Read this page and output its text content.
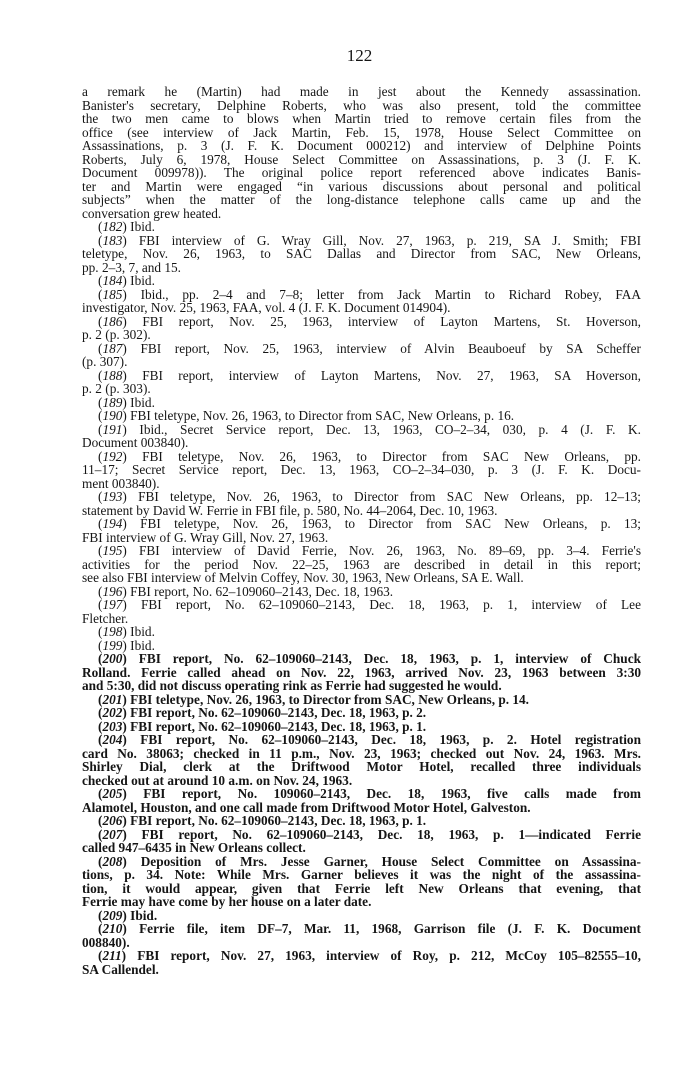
122
a remark he (Martin) had made in jest about the Kennedy assassination.
Banister's secretary, Delphine Roberts, who was also present, told the committee
the two men came to blows when Martin tried to remove certain files from the
office (see interview of Jack Martin, Feb. 15, 1978, House Select Committee on
Assassinations, p. 3 (J. F. K. Document 000212) and interview of Delphine Points
Roberts, July 6, 1978, House Select Committee on Assassinations, p. 3 (J. F. K.
Document 009978)). The original police report referenced above indicates Banis-
ter and Martin were engaged “in various discussions about personal and political
subjects” when the matter of the long-distance telephone calls came up and the
conversation grew heated.
(182) Ibid.
(183) FBI interview of G. Wray Gill, Nov. 27, 1963, p. 219, SA J. Smith; FBI
teletype, Nov. 26, 1963, to SAC Dallas and Director from SAC, New Orleans,
pp. 2–3, 7, and 15.
(184) Ibid.
(185) Ibid., pp. 2–4 and 7–8; letter from Jack Martin to Richard Robey, FAA
investigator, Nov. 25, 1963, FAA, vol. 4 (J. F. K. Document 014904).
(186) FBI report, Nov. 25, 1963, interview of Layton Martens, St. Hoverson,
p. 2 (p. 302).
(187) FBI report, Nov. 25, 1963, interview of Alvin Beauboeuf by SA Scheffer
(p. 307).
(188) FBI report, interview of Layton Martens, Nov. 27, 1963, SA Hoverson,
p. 2 (p. 303).
(189) Ibid.
(190) FBI teletype, Nov. 26, 1963, to Director from SAC, New Orleans, p. 16.
(191) Ibid., Secret Service report, Dec. 13, 1963, CO–2–34, 030, p. 4 (J. F. K.
Document 003840).
(192) FBI teletype, Nov. 26, 1963, to Director from SAC New Orleans, pp.
11–17; Secret Service report, Dec. 13, 1963, CO–2–34–030, p. 3 (J. F. K. Docu-
ment 003840).
(193) FBI teletype, Nov. 26, 1963, to Director from SAC New Orleans, pp. 12–13;
statement by David W. Ferrie in FBI file, p. 580, No. 44–2064, Dec. 10, 1963.
(194) FBI teletype, Nov. 26, 1963, to Director from SAC New Orleans, p. 13;
FBI interview of G. Wray Gill, Nov. 27, 1963.
(195) FBI interview of David Ferrie, Nov. 26, 1963, No. 89–69, pp. 3–4. Ferrie's
activities for the period Nov. 22–25, 1963 are described in detail in this report;
see also FBI interview of Melvin Coffey, Nov. 30, 1963, New Orleans, SA E. Wall.
(196) FBI report, No. 62–109060–2143, Dec. 18, 1963.
(197) FBI report, No. 62–109060–2143, Dec. 18, 1963, p. 1, interview of Lee
Fletcher.
(198) Ibid.
(199) Ibid.
(200) FBI report, No. 62–109060–2143, Dec. 18, 1963, p. 1, interview of Chuck
Rolland. Ferrie called ahead on Nov. 22, 1963, arrived Nov. 23, 1963 between 3:30
and 5:30, did not discuss operating rink as Ferrie had suggested he would.
(201) FBI teletype, Nov. 26, 1963, to Director from SAC, New Orleans, p. 14.
(202) FBI report, No. 62–109060–2143, Dec. 18, 1963, p. 2.
(203) FBI report, No. 62–109060–2143, Dec. 18, 1963, p. 1.
(204) FBI report, No. 62–109060–2143, Dec. 18, 1963, p. 2. Hotel registration
card No. 38063; checked in 11 p.m., Nov. 23, 1963; checked out Nov. 24, 1963. Mrs.
Shirley Dial, clerk at the Driftwood Motor Hotel, recalled three individuals
checked out at around 10 a.m. on Nov. 24, 1963.
(205) FBI report, No. 109060–2143, Dec. 18, 1963, five calls made from
Alamotel, Houston, and one call made from Driftwood Motor Hotel, Galveston.
(206) FBI report, No. 62–109060–2143, Dec. 18, 1963, p. 1.
(207) FBI report, No. 62–109060–2143, Dec. 18, 1963, p. 1—indicated Ferrie
called 947–6435 in New Orleans collect.
(208) Deposition of Mrs. Jesse Garner, House Select Committee on Assassina-
tions, p. 34. Note: While Mrs. Garner believes it was the night of the assassina-
tion, it would appear, given that Ferrie left New Orleans that evening, that
Ferrie may have come by her house on a later date.
(209) Ibid.
(210) Ferrie file, item DF–7, Mar. 11, 1968, Garrison file (J. F. K. Document
008840).
(211) FBI report, Nov. 27, 1963, interview of Roy, p. 212, McCoy 105–82555–10,
SA Callendel.
